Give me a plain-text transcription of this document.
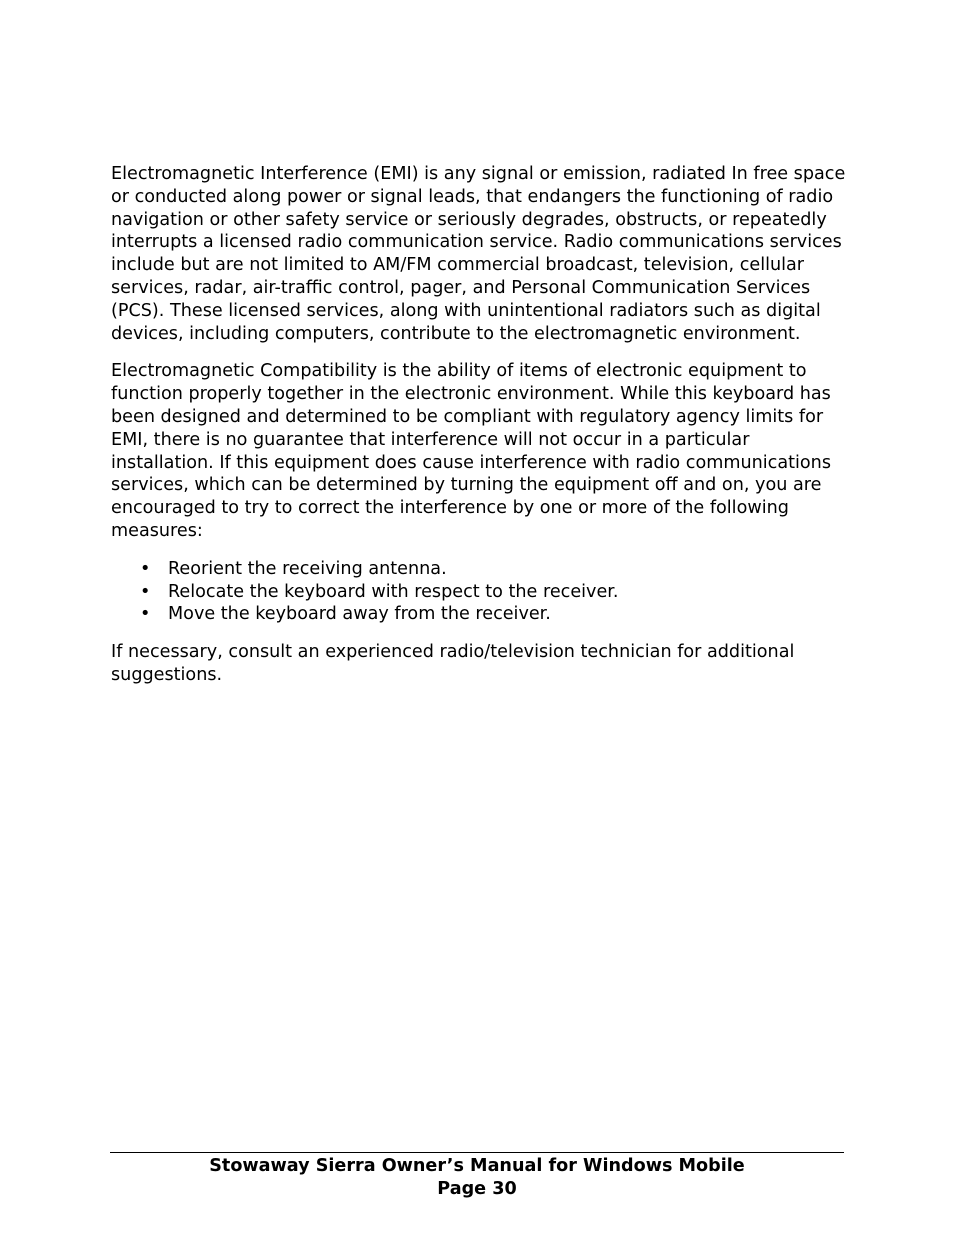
Electromagnetic Interference (EMI) is any signal or emission, radiated In free space or conducted along power or signal leads, that endangers the functioning of radio navigation or other safety service or seriously degrades, obstructs, or repeatedly interrupts a licensed radio communication service. Radio communications services include but are not limited to AM/FM commercial broadcast, television, cellular services, radar, air-traffic control, pager, and Personal Communication Services (PCS). These licensed services, along with unintentional radiators such as digital devices, including computers, contribute to the electromagnetic environment.

Electromagnetic Compatibility is the ability of items of electronic equipment to function properly together in the electronic environment. While this keyboard has been designed and determined to be compliant with regulatory agency limits for EMI, there is no guarantee that interference will not occur in a particular installation. If this equipment does cause interference with radio communications services, which can be determined by turning the equipment off and on, you are encouraged to try to correct the interference by one or more of the following measures:

• Reorient the receiving antenna.
• Relocate the keyboard with respect to the receiver.
• Move the keyboard away from the receiver.

If necessary, consult an experienced radio/television technician for additional suggestions.

Stowaway Sierra Owner’s Manual for Windows Mobile
Page 30
